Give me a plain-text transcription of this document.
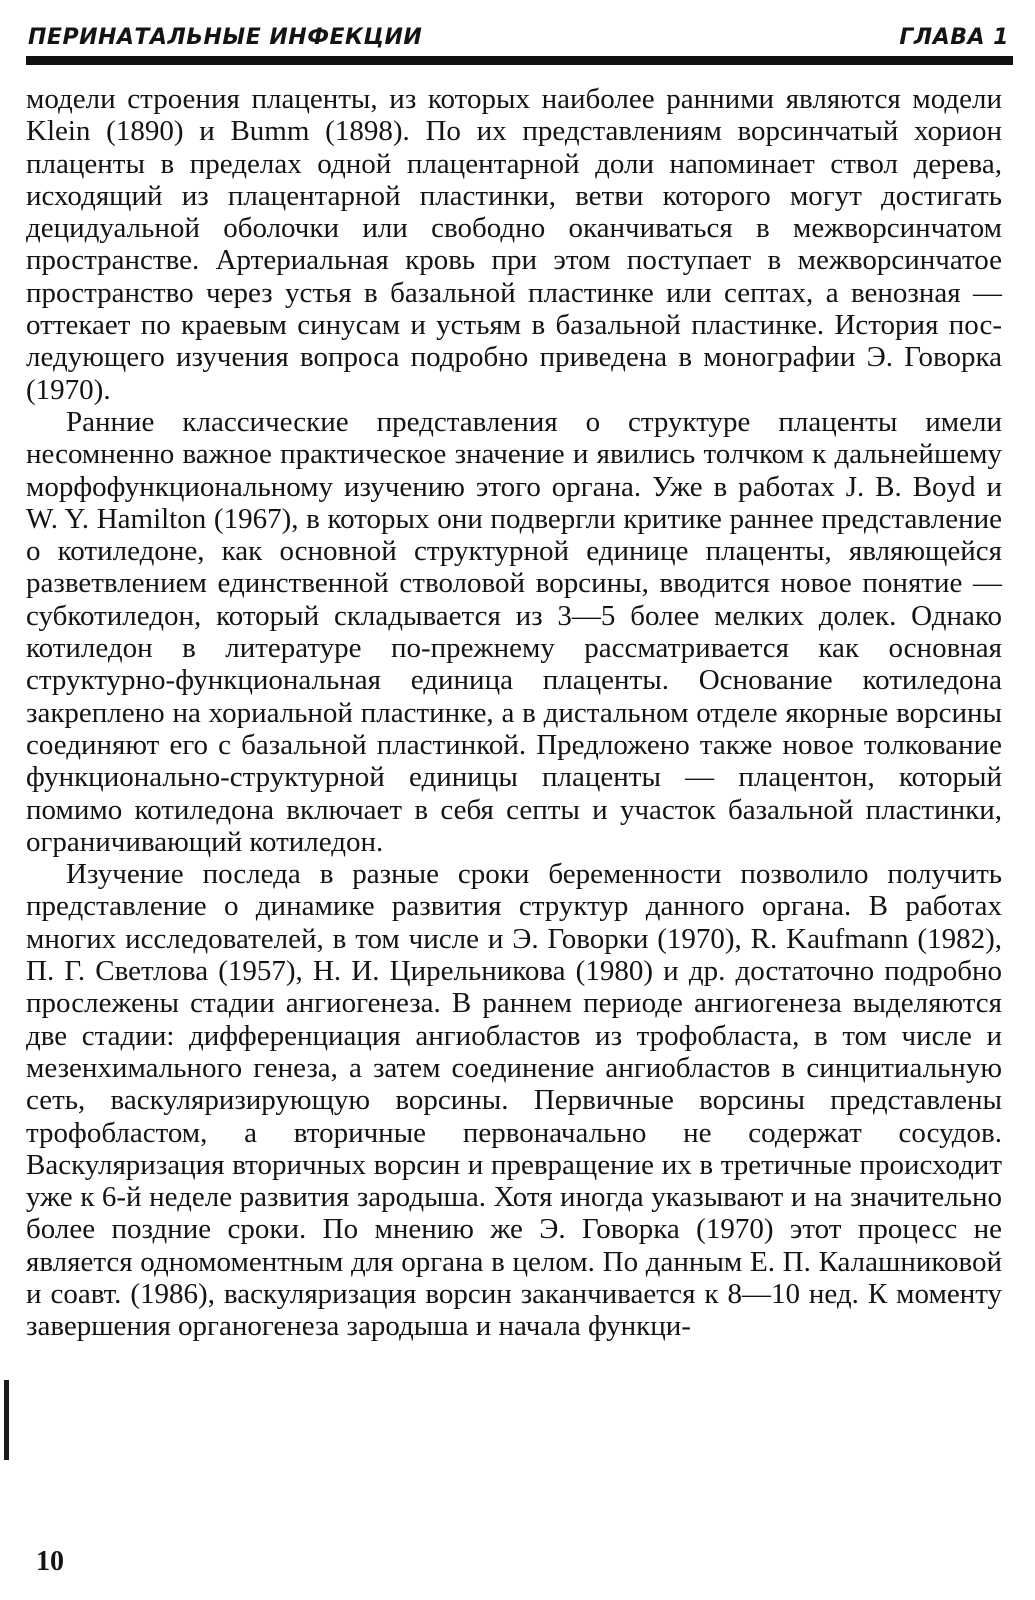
ПЕРИНАТАЛЬНЫЕ ИНФЕКЦИИ	ГЛАВА 1

модели строения плаценты, из которых наиболее ранними являются модели Klein (1890) и Bumm (1898). По их представлениям ворсинчатый хорион плаценты в пределах одной плацентарной доли напоминает ствол дерева, исходящий из плацентарной пластинки, ветви которого могут достигать децидуальной оболочки или свободно оканчиваться в межворсинчатом пространстве. Артериальная кровь при этом поступает в межворсинчатое пространство через устья в базальной пластинке или септах, а венозная — оттекает по краевым синусам и устьям в базальной пластинке. История последующего изучения вопроса подробно приведена в монографии Э. Говорка (1970).

Ранние классические представления о структуре плаценты имели несомненно важное практическое значение и явились толчком к дальнейшему морфофункциональному изучению этого органа. Уже в работах J. B. Boyd и W. Y. Hamilton (1967), в которых они подвергли критике раннее представление о котиледоне, как основной структурной единице плаценты, являющейся разветвлением единственной стволовой ворсины, вводится новое понятие — субкотиледон, который складывается из 3—5 более мелких долек. Однако котиледон в литературе по-прежнему рассматривается как основная структурно-функциональная единица плаценты. Основание котиледона закреплено на хориальной пластинке, а в дистальном отделе якорные ворсины соединяют его с базальной пластинкой. Предложено также новое толкование функционально-структурной единицы плаценты — плацентон, который помимо котиледона включает в себя септы и участок базальной пластинки, ограничивающий котиледон.

Изучение последа в разные сроки беременности позволило получить представление о динамике развития структур данного органа. В работах многих исследователей, в том числе и Э. Говорки (1970), R. Kaufmann (1982), П. Г. Светлова (1957), Н. И. Цирельникова (1980) и др. достаточно подробно прослежены стадии ангиогенеза. В раннем периоде ангиогенеза выделяются две стадии: дифференциация ангиобластов из трофобласта, в том числе и мезенхимального генеза, а затем соединение ангиобластов в синцитиальную сеть, васкуляризирующую ворсины. Первичные ворсины представлены трофобластом, а вторичные первоначально не содержат сосудов. Васкуляризация вторичных ворсин и превращение их в третичные происходит уже к 6-й неделе развития зародыша. Хотя иногда указывают и на значительно более поздние сроки. По мнению же Э. Говорка (1970) этот процесс не является одномоментным для органа в целом. По данным Е. П. Калашниковой и соавт. (1986), васкуляризация ворсин заканчивается к 8—10 нед. К моменту завершения органогенеза зародыша и начала функци-

10
